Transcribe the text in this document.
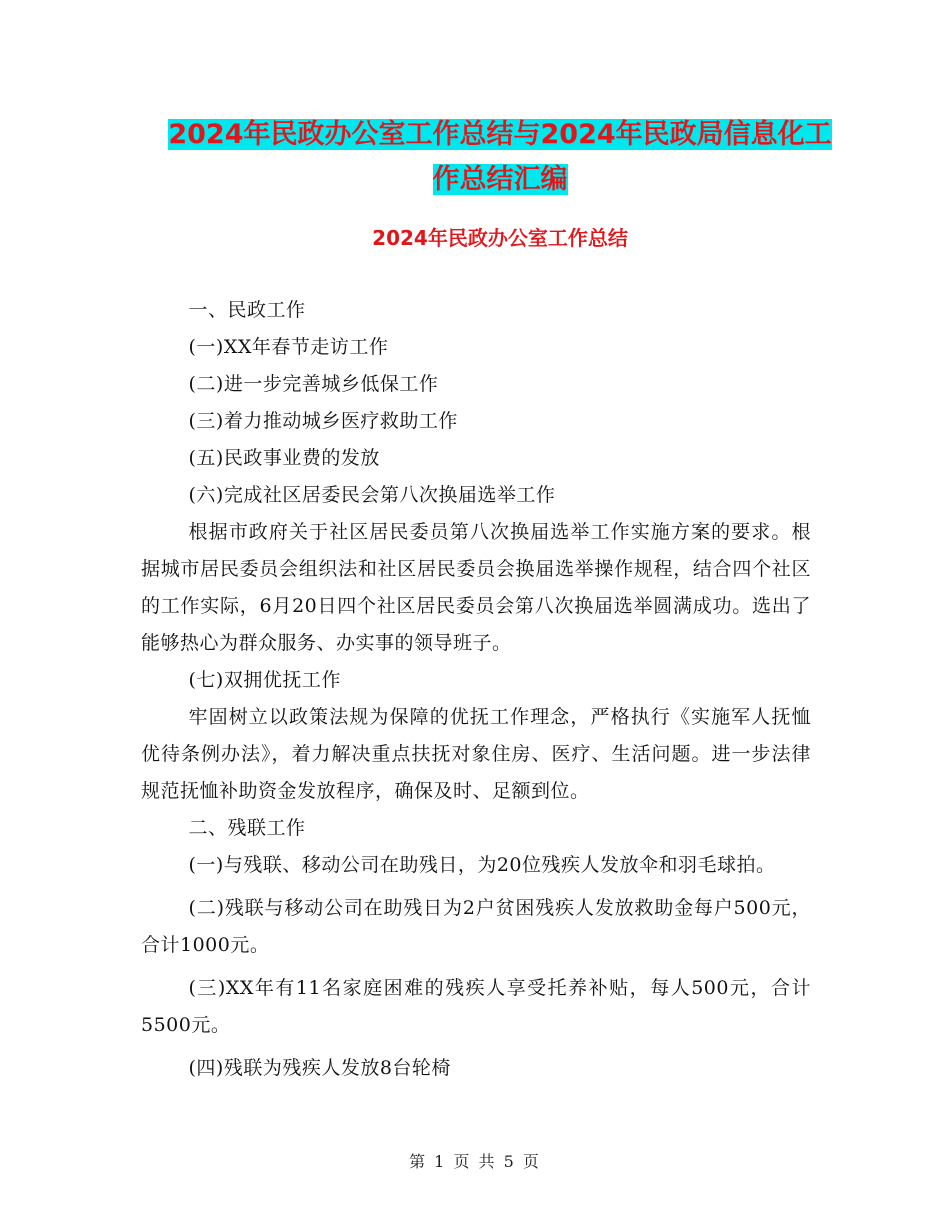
2024年民政办公室工作总结与2024年民政局信息化工
作总结汇编
2024年民政办公室工作总结

一、民政工作

(一)XX年春节走访工作

(二)进一步完善城乡低保工作

(三)着力推动城乡医疗救助工作

(五)民政事业费的发放

(六)完成社区居委民会第八次换届选举工作

根据市政府关于社区居民委员第八次换届选举工作实施方案的要求。根据城市居民委员会组织法和社区居民委员会换届选举操作规程，结合四个社区的工作实际，6月20日四个社区居民委员会第八次换届选举圆满成功。选出了能够热心为群众服务、办实事的领导班子。

(七)双拥优抚工作

牢固树立以政策法规为保障的优抚工作理念，严格执行《实施军人抚恤优待条例办法》，着力解决重点扶抚对象住房、医疗、生活问题。进一步法律规范抚恤补助资金发放程序，确保及时、足额到位。

二、残联工作

(一)与残联、移动公司在助残日，为20位残疾人发放伞和羽毛球拍。

(二)残联与移动公司在助残日为2户贫困残疾人发放救助金每户500元，合计1000元。

(三)XX年有11名家庭困难的残疾人享受托养补贴，每人500元，合计5500元。

(四)残联为残疾人发放8台轮椅

第 1 页 共 5 页
